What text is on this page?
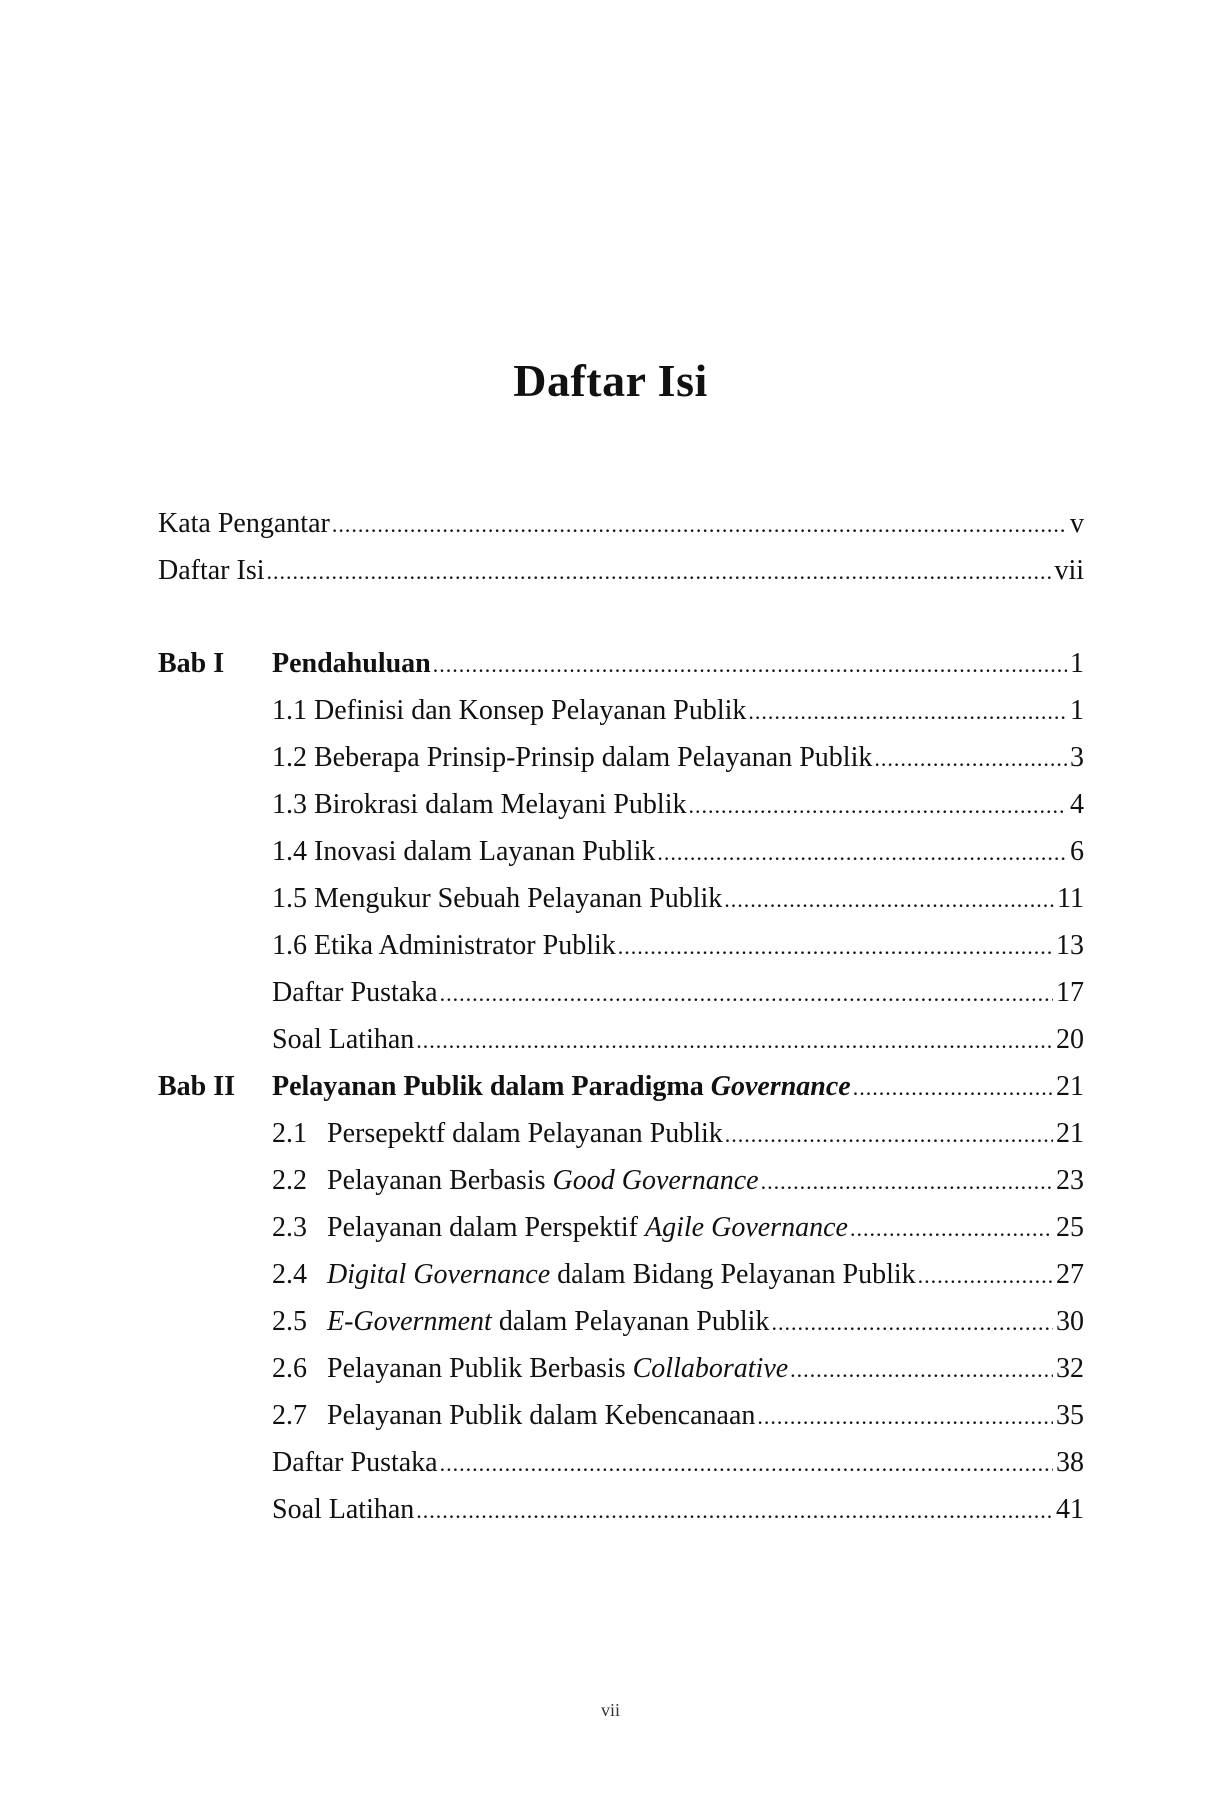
Daftar Isi
Kata Pengantar .....	v
Daftar Isi .....	vii
Bab I Pendahuluan .....	1
1.1 Definisi dan Konsep Pelayanan Publik .....	1
1.2 Beberapa Prinsip-Prinsip dalam Pelayanan Publik .....	3
1.3 Birokrasi dalam Melayani Publik .....	4
1.4 Inovasi dalam Layanan Publik .....	6
1.5 Mengukur Sebuah Pelayanan Publik .....	11
1.6 Etika Administrator Publik .....	13
Daftar Pustaka .....	17
Soal Latihan .....	20
Bab II Pelayanan Publik dalam Paradigma Governance .....	21
2.1 Persepektf dalam Pelayanan Publik .....	21
2.2 Pelayanan Berbasis Good Governance .....	23
2.3 Pelayanan dalam Perspektif Agile Governance .....	25
2.4 Digital Governance dalam Bidang Pelayanan Publik .....	27
2.5 E-Government dalam Pelayanan Publik .....	30
2.6 Pelayanan Publik Berbasis Collaborative .....	32
2.7 Pelayanan Publik dalam Kebencanaan .....	35
Daftar Pustaka .....	38
Soal Latihan .....	41
vii
